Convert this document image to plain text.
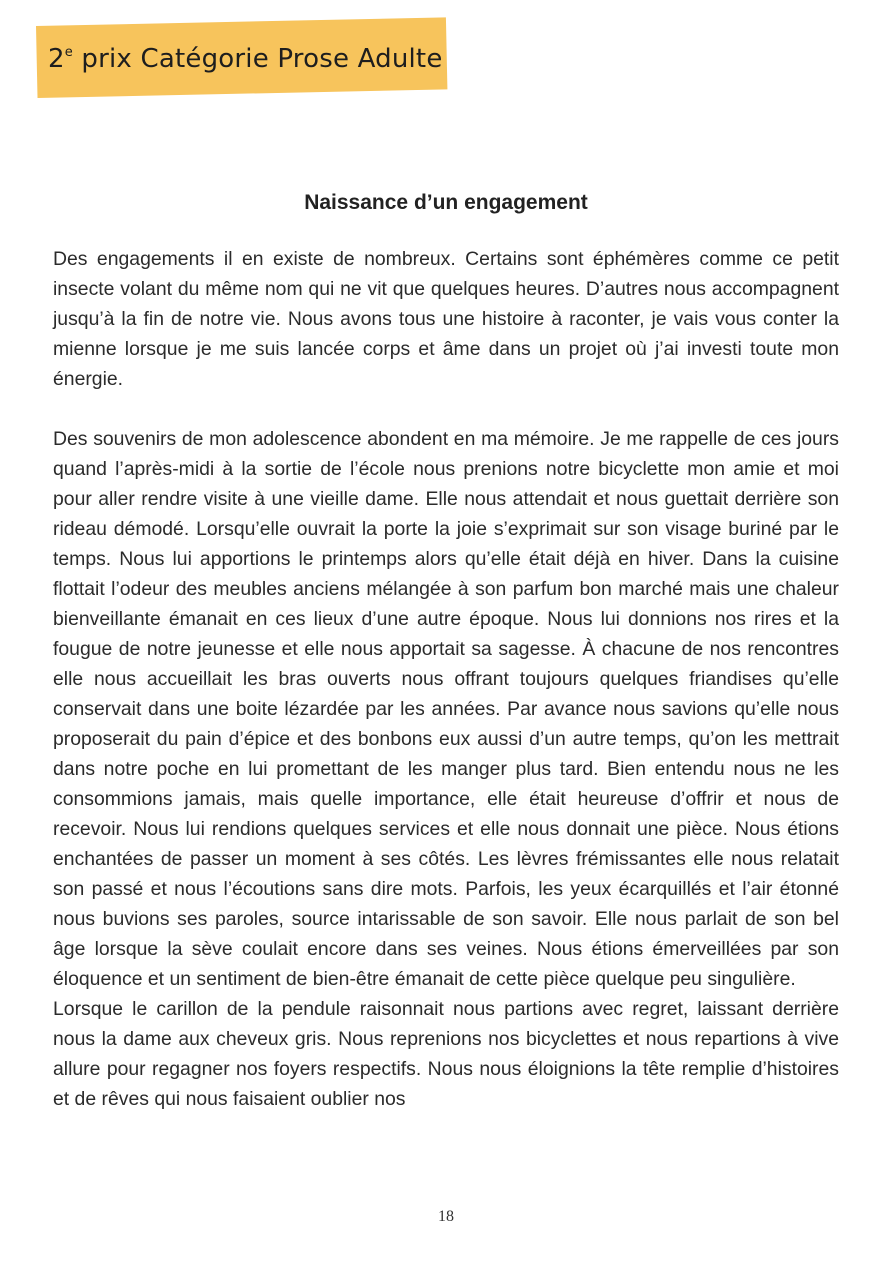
2e prix Catégorie Prose Adulte
Naissance d’un engagement

Des engagements il en existe de nombreux. Certains sont éphémères comme ce petit insecte volant du même nom qui ne vit que quelques heures. D’autres nous accompagnent jusqu’à la fin de notre vie. Nous avons tous une histoire à raconter, je vais vous conter la mienne lorsque je me suis lancée corps et âme dans un projet où j’ai investi toute mon énergie.

Des souvenirs de mon adolescence abondent en ma mémoire. Je me rappelle de ces jours quand l’après-midi à la sortie de l’école nous prenions notre bicyclette mon amie et moi pour aller rendre visite à une vieille dame. Elle nous attendait et nous guettait derrière son rideau démodé. Lorsqu’elle ouvrait la porte la joie s’exprimait sur son visage buriné par le temps. Nous lui apportions le printemps alors qu’elle était déjà en hiver. Dans la cuisine flottait l’odeur des meubles anciens mélangée à son parfum bon marché mais une chaleur bienveillante émanait en ces lieux d’une autre époque. Nous lui donnions nos rires et la fougue de notre jeunesse et elle nous apportait sa sagesse. À chacune de nos rencontres elle nous accueillait les bras ouverts nous offrant toujours quelques friandises qu’elle conservait dans une boite lézardée par les années. Par avance nous savions qu’elle nous proposerait du pain d’épice et des bonbons eux aussi d’un autre temps, qu’on les mettrait dans notre poche en lui promettant de les manger plus tard. Bien entendu nous ne les consommions jamais, mais quelle importance, elle était heureuse d’offrir et nous de recevoir. Nous lui rendions quelques services et elle nous donnait une pièce. Nous étions enchantées de passer un moment à ses côtés. Les lèvres frémissantes elle nous relatait son passé et nous l’écoutions sans dire mots. Parfois, les yeux écarquillés et l’air étonné nous buvions ses paroles, source intarissable de son savoir. Elle nous parlait de son bel âge lorsque la sève coulait encore dans ses veines. Nous étions émerveillées par son éloquence et un sentiment de bien-être émanait de cette pièce quelque peu singulière.

Lorsque le carillon de la pendule raisonnait nous partions avec regret, laissant derrière nous la dame aux cheveux gris. Nous reprenions nos bicyclettes et nous repartions à vive allure pour regagner nos foyers respectifs. Nous nous éloignions la tête remplie d’histoires et de rêves qui nous faisaient oublier nos

18
